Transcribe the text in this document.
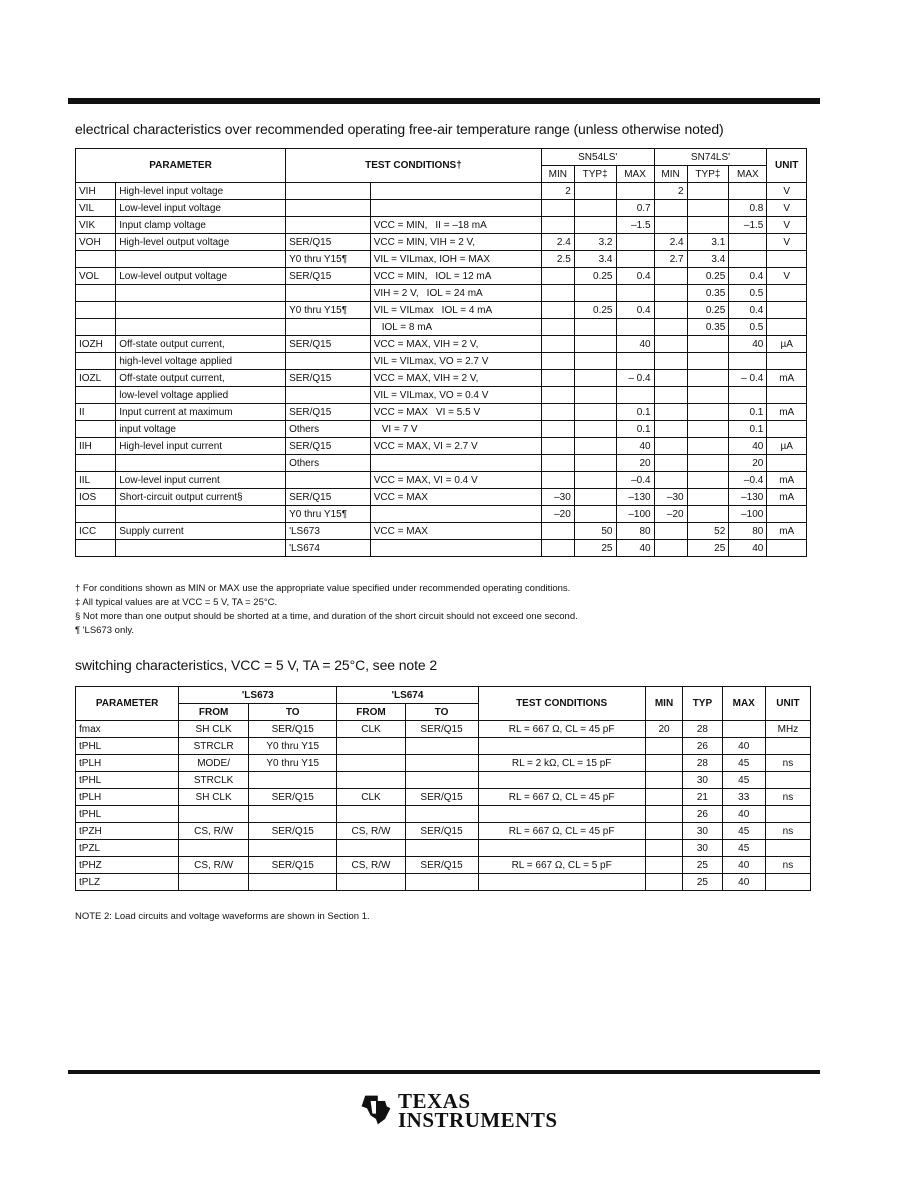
electrical characteristics over recommended operating free-air temperature range (unless otherwise noted)
PARAMETER		TEST CONDITIONS†		SN54LS'			SN74LS'			UNIT
				MIN	TYP‡	MAX	MIN	TYP‡	MAX	
VIH	High-level input voltage			2			2			V
VIL	Low-level input voltage					0.7			0.8	V
VIK	Input clamp voltage		VCC = MIN, II = –18 mA			–1.5			–1.5	V
VOH	High-level output voltage	SER/Q15	VCC = MIN, VIH = 2 V,	2.4	3.2		2.4	3.1		V
		Y0 thru Y15¶	VIL = VILmax, IOH = MAX	2.5	3.4		2.7	3.4		
VOL	Low-level output voltage	SER/Q15	VCC = MIN, IOL = 12 mA		0.25	0.4		0.25	0.4	V
			VIH = 2 V, IOL = 24 mA					0.35	0.5	
		Y0 thru Y15¶	VIL = VILmax IOL = 4 mA		0.25	0.4		0.25	0.4	
			IOL = 8 mA					0.35	0.5	
IOZH	Off-state output current,	SER/Q15	VCC = MAX, VIH = 2 V,			40			40	µA
	high-level voltage applied		VIL = VILmax, VO = 2.7 V							
IOZL	Off-state output current,	SER/Q15	VCC = MAX, VIH = 2 V,			– 0.4			– 0.4	mA
	low-level voltage applied		VIL = VILmax, VO = 0.4 V							
II	Input current at maximum	SER/Q15	VCC = MAX VI = 5.5 V			0.1			0.1	mA
	input voltage	Others	VI = 7 V			0.1			0.1	
IIH	High-level input current	SER/Q15	VCC = MAX, VI = 2.7 V			40			40	µA
		Others				20			20	
IIL	Low-level input current		VCC = MAX, VI = 0.4 V			–0.4			–0.4	mA
IOS	Short-circuit output current§	SER/Q15	VCC = MAX	–30		–130	–30		–130	mA
		Y0 thru Y15¶		–20		–100	–20		–100	
ICC	Supply current	'LS673	VCC = MAX		50	80		52	80	mA
		'LS674			25	40		25	40	
† For conditions shown as MIN or MAX use the appropriate value specified under recommended operating conditions.
‡ All typical values are at VCC = 5 V, TA = 25°C.
§ Not more than one output should be shorted at a time, and duration of the short circuit should not exceed one second.
¶ 'LS673 only.
switching characteristics, VCC = 5 V, TA = 25°C, see note 2
PARAMETER	'LS673		'LS674		TEST CONDITIONS	MIN	TYP	MAX	UNIT
	FROM	TO	FROM	TO					
fmax	SH CLK	SER/Q15	CLK	SER/Q15	RL = 667 Ω, CL = 45 pF	20	28		MHz
tPHL	STRCLR	Y0 thru Y15					26	40	
tPLH	MODE/	Y0 thru Y15			RL = 2 kΩ, CL = 15 pF		28	45	ns
tPHL	STRCLK						30	45	
tPLH	SH CLK	SER/Q15	CLK	SER/Q15	RL = 667 Ω, CL = 45 pF		21	33	ns
tPHL							26	40	
tPZH	CS, R/W	SER/Q15	CS, R/W	SER/Q15	RL = 667 Ω, CL = 45 pF		30	45	ns
tPZL							30	45	
tPHZ	CS, R/W	SER/Q15	CS, R/W	SER/Q15	RL = 667 Ω, CL = 5 pF		25	40	ns
tPLZ							25	40	
NOTE 2: Load circuits and voltage waveforms are shown in Section 1.
TEXAS
INSTRUMENTS
